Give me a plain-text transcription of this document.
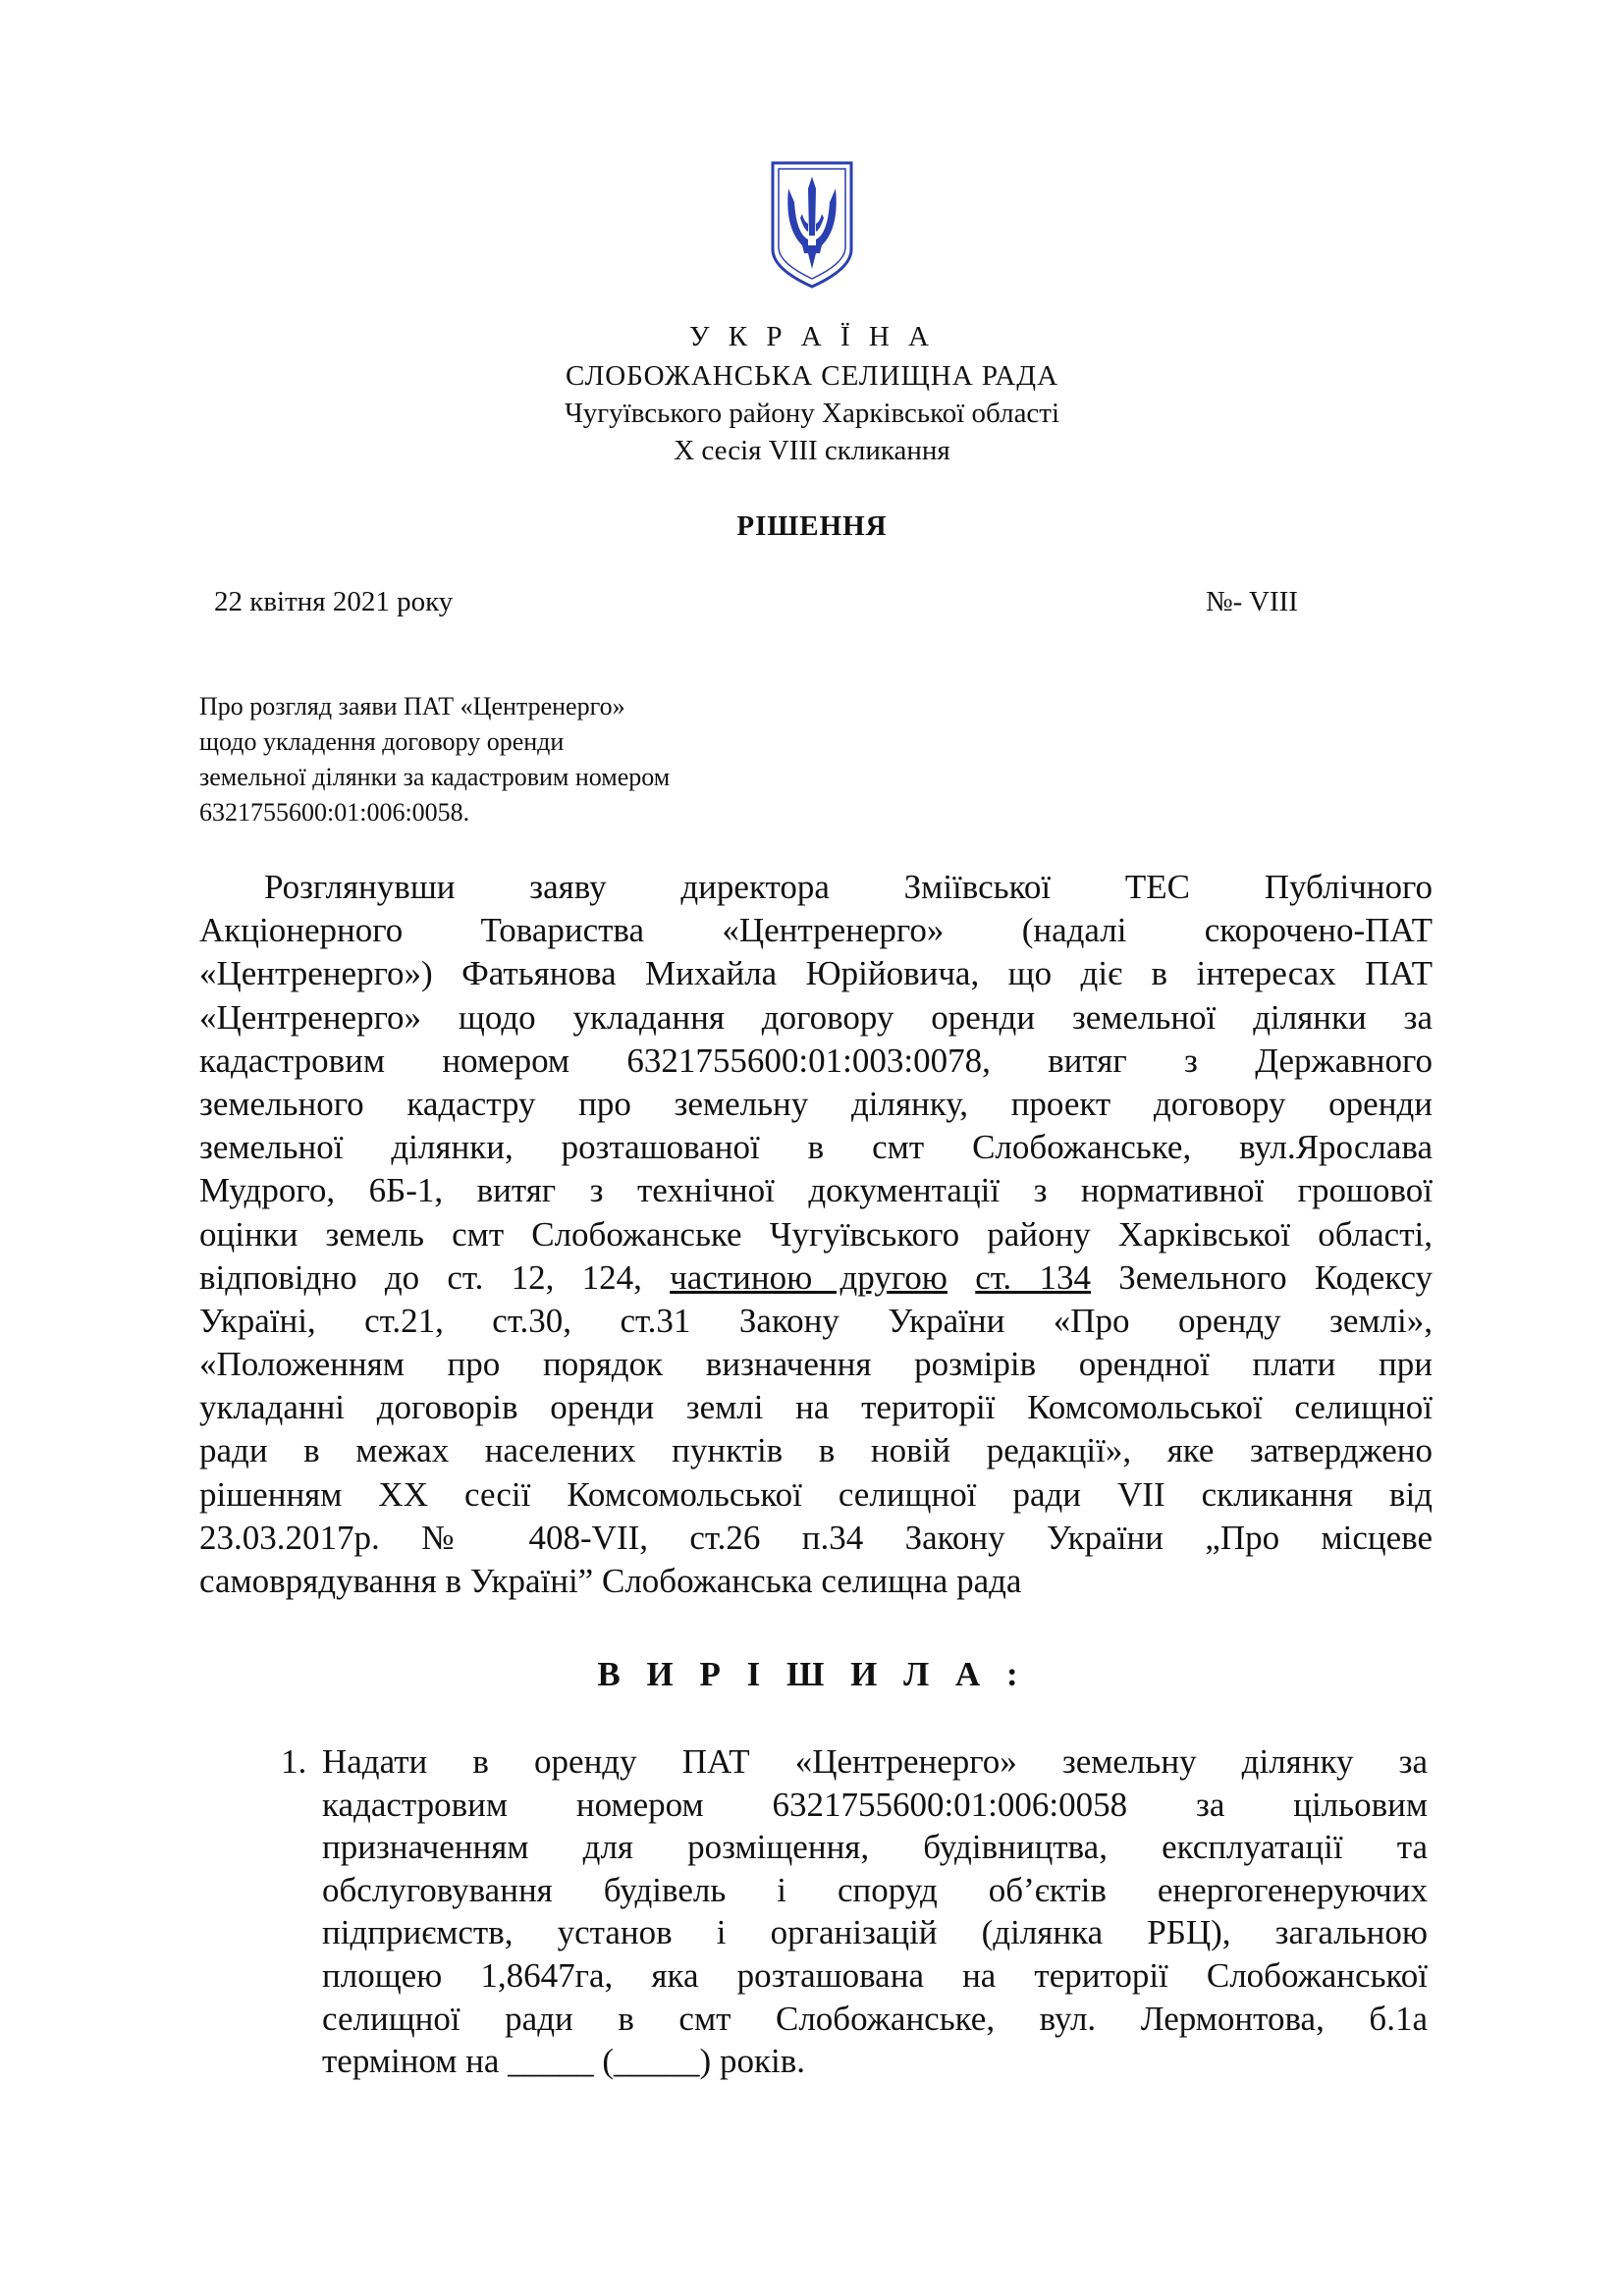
У К Р А Ї Н А
СЛОБОЖАНСЬКА СЕЛИЩНА РАДА
Чугуївського району Харківської області
Х сесія VIII скликання
РІШЕННЯ
22 квітня 2021 року	№- VIII
Про розгляд заяви ПАТ «Центренерго»
щодо укладення договору оренди
земельної ділянки за кадастровим номером
6321755600:01:006:0058.
Розглянувши заяву директора Зміївської ТЕС Публічного
Акціонерного Товариства «Центренерго» (надалі скорочено-ПАТ
«Центренерго») Фатьянова Михайла Юрійовича, що діє в інтересах ПАТ
«Центренерго» щодо укладання договору оренди земельної ділянки за
кадастровим номером 6321755600:01:003:0078, витяг з Державного
земельного кадастру про земельну ділянку, проект договору оренди
земельної ділянки, розташованої в смт Слобожанське, вул.Ярослава
Мудрого, 6Б-1, витяг з технічної документації з нормативної грошової
оцінки земель смт Слобожанське Чугуївського району Харківської області,
відповідно до ст. 12, 124, частиною другою ст. 134 Земельного Кодексу
Україні, ст.21, ст.30, ст.31 Закону України «Про оренду землі»,
«Положенням про порядок визначення розмірів орендної плати при
укладанні договорів оренди землі на території Комсомольської селищної
ради в межах населених пунктів в новій редакції», яке затверджено
рішенням ХХ сесії Комсомольської селищної ради VII скликання від
23.03.2017р. № 408-VII, ст.26 п.34 Закону України „Про місцеве
самоврядування в Україні” Слобожанська селищна рада
В И Р І Ш И Л А :
1. Надати в оренду ПАТ «Центренерго» земельну ділянку за
кадастровим номером 6321755600:01:006:0058 за цільовим
призначенням для розміщення, будівництва, експлуатації та
обслуговування будівель і споруд об’єктів енергогенеруючих
підприємств, установ і організацій (ділянка РБЦ), загальною
площею 1,8647га, яка розташована на території Слобожанської
селищної ради в смт Слобожанське, вул. Лермонтова, б.1а
терміном на _____ (_____) років.
